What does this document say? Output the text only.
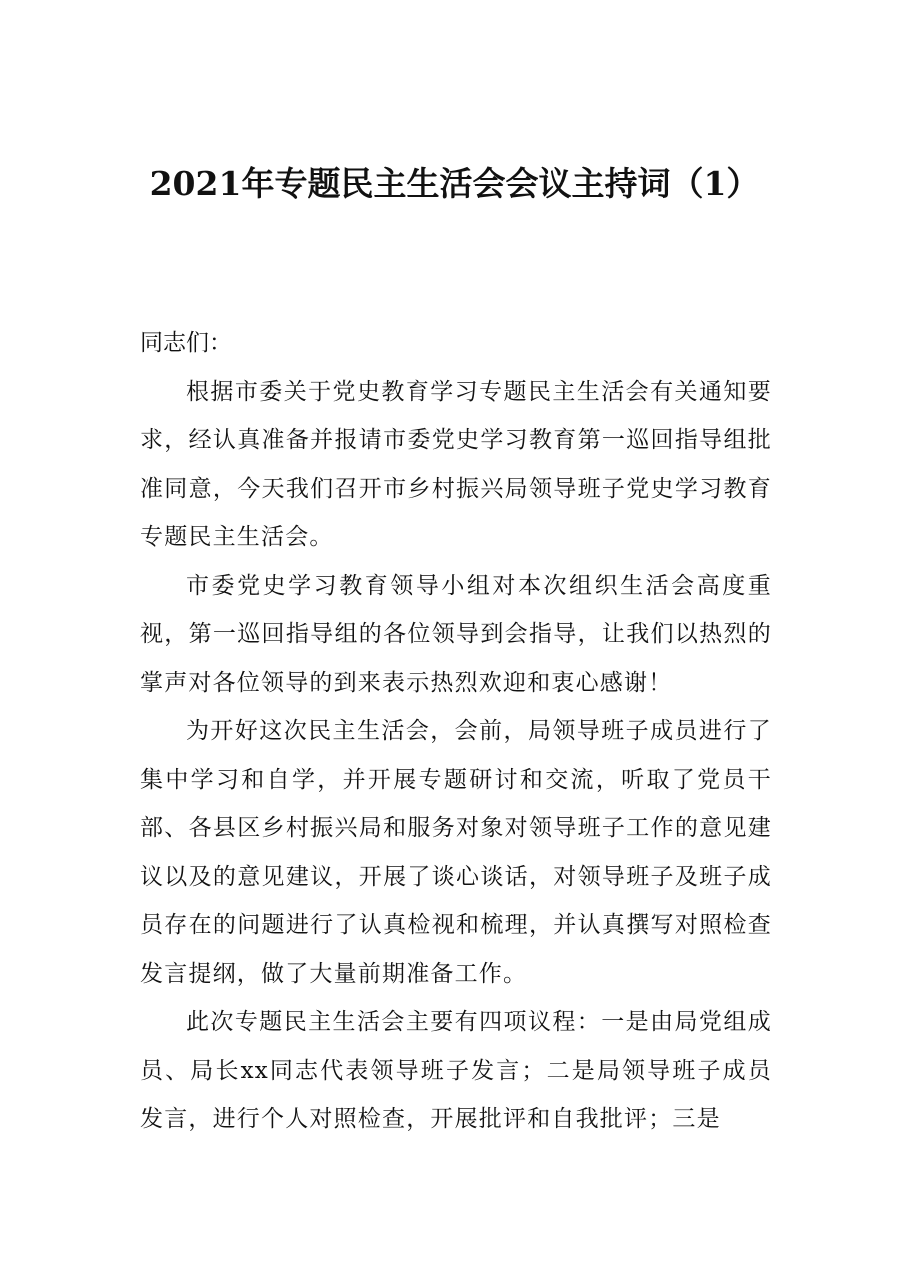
2021年专题民主生活会会议主持词（1）

同志们：

根据市委关于党史教育学习专题民主生活会有关通知要求，经认真准备并报请市委党史学习教育第一巡回指导组批准同意，今天我们召开市乡村振兴局领导班子党史学习教育专题民主生活会。

市委党史学习教育领导小组对本次组织生活会高度重视，第一巡回指导组的各位领导到会指导，让我们以热烈的掌声对各位领导的到来表示热烈欢迎和衷心感谢！

为开好这次民主生活会，会前，局领导班子成员进行了集中学习和自学，并开展专题研讨和交流，听取了党员干部、各县区乡村振兴局和服务对象对领导班子工作的意见建议以及的意见建议，开展了谈心谈话，对领导班子及班子成员存在的问题进行了认真检视和梳理，并认真撰写对照检查发言提纲，做了大量前期准备工作。

此次专题民主生活会主要有四项议程：一是由局党组成员、局长xx同志代表领导班子发言；二是局领导班子成员发言，进行个人对照检查，开展批评和自我批评；三是
